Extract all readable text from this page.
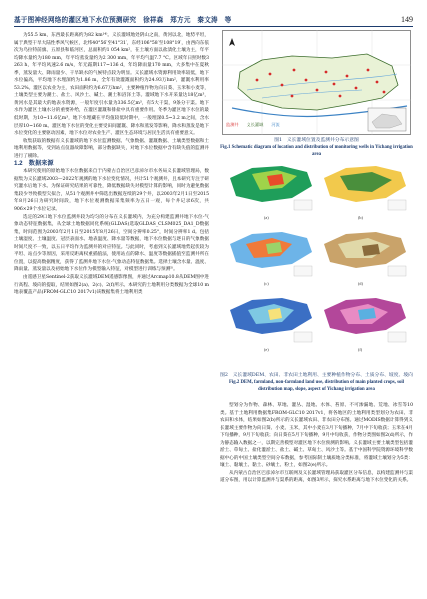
基于图神经网络的灌区地下水位预测研究　徐祥森　郑方元　秦文涛　等	149

为55.5 km，东西最长距离约为82 km¹⁴⁾。义长灌域地处阴山之南，黄河以北，地势平坦，属于典型干旱大陆性季风气候区，北纬40°56′至41°31′，东经106°58′至108°19′，由西向东依次为乌拉特前旗、五原县和临河区，总面积约1 054 km²，在土壤方面以盐渍化土壤为主，年平均降水量约为180 mm，年平均蒸发量约为2 300 mm，年平均气温7.7 °C。区域年日照时数3 263 h，年平均风速2.6 m/s，年无霜期117~136 d，年均降雨量170 mm，大多集中在夏秋季，蒸发量大、降雨量少、干旱缺水的气候特点较为明显。义长灌域水资源利用效率较低，地下水位偏高，平均地下水埋深约为1.86 m，全年有效灌溉面积约为24.93万hm²，灌溉水利用率53.2%。灌区以农业为主，农田面积约为6.67万hm²，主要种植作物为向日葵、玉米和小麦等，土壤类型主要为潮土、盐土、风沙土、碱土、潮土和沼泽土等。灌域地下水开采量达18亿m³，黄河水是其最大的地表水资源，一般年度引水量为336.5亿m³，有5大干渠，9条分干渠。地下水作为灌区土壤水分的重要补给，在灌区灌溉和排盐中具有重要作用。冬季为灌区地下水位的最低时期，为10~11.6亿m³，地下水埋藏在平均值较低时期中，一般埋深0.5~3.2 m之间，含水层厚10~160 m。灌区地下水位的变化主要受田间灌溉、降水和蒸发等影响，降水和蒸发是地下水位变化的主要驱动因素，地下水位对农业生产、灌区生态环境与居民生活具有重要意义。

收集获取的数据有义长灌域的地下水位监测数据、气象数据、灌溉数据、土壤类型数据和土地利用数据等，受到站点仪器故障影响，部分数据缺失，对地下水位数据中含有缺失值的监测井进行了剔除。

1.2　数据来源

本研究使用的原始地下水位数据来自于内蒙古自治区巴彦淖尔市水务局义长灌域管理局，数据集为义长灌域2003—2022年观测的地下水位变化情况，共计51个观测井，且本研究专注于研究灌水后地下水。为保证研究结果的可靠性，降低数据缺失对模型计算的影响，同时为避免数据集较少导致模型欠拟合，从51个观测井中筛选出数据连续的29个井，以2003年2月1日至2015年8月26日为研究时间段，地下水位观测数据采集频率为五日一观，每个井记录6次，共906×29个水位记录。

选定的29口地下水位监测井较为均匀的分布在义长灌域内，为充分构建监测井地下水位-气象动态特征数据集，从全球土地数据同化系统(GLDAS)选取GLDAS_CLSM025_DA1_D数据集，时间范围为2003年2月1日至2015年8月26日，空间分辨率0.25°，时间分辨率1 d。包括土壤湿度、土壤温度、冠层表面水、地表温度、降水量等数据，地下水位数据与逐日的气象数据时间尺度不一致，以五日平均作为监测井的对应特征。与此同时，考虑到义长灌域地势起伏较为平坦、站点少等原因，采用反距离权重插值法，使用站点的降水、温度等数据插值至监测井所在位置，以提高数据精度，获得了监测井地下水位-气象动态特征数据集。选择土壤含水量、温度、降雨量、蒸发量以及初始地下水位作为模型输入特征，对模型进行训练与预测⁵⁾。

由遥感卫星Sentinel-2获取义长灌域DEM遥感影像图，并通过Arcmap10.8从DEM图中进行高程、坡向的提取，结果如图2(a)、2(c)、2(f)所示。本研究的土地利用分类数据为全球10 m地表覆盖产品(FROM-GLC10 2017v1)该数据集将土地利用类

监测井 义长灌域 河流
图1　义长灌域位置及监测井分布示意图
Fig.1 Schematic diagram of location and distribution of monitoring wells in Yichang irrigation area
(a)	(b)
(c)	(d)
(e)	(f)
图2　义长灌域DEM、农田、非农田土地利用、主要种植作物分布、土质分布、坡度、坡向
Fig.2 DEM, farmland, non-farmland land use, distribution of main planted crops, soil distribution map, slope, aspect of Yichang irrigation area

型划分为作物、森林、草地、灌丛、湿地、水体、苔原、不可渗漏地、荒地、冰雪等10类。基于土地利用数据集FROM-GLC10 2017v1，将各地区的土地利用类型划分为农田、非农田和水体，结果如图2(b)所示的义长灌域农田、非农田分布图。通过MODIS数据计算得到义长灌域主要作物为向日葵、小麦、玉米，其中小麦在3月下旬播种，7月中下旬收获；玉米在4月下旬播种，9月下旬收获；向日葵在5月下旬播种，9月中旬收获，作物分类图如图2(d)所示，作为静态输入数据之一，以期完善模型对灌区地下水位预测的影响。义长灌域主要土壤类型包括灌淤土、草甸土、盐化灌淤土、盐土、碱土、草甸土、风沙土等。基于中国科学院资源环境科学数据中心的中国土壤类型空间分布数据，参考国际制土壤质地分类标准，将灌域土壤划分为5类：壤土、黏壤土、黏土、砂壤土、粉土，如图2(e)所示。

从内蒙古自治区巴彦淖尔市互联网及义长灌域管理局获取灌区分布信息，以构建监测井与渠道分布图，用以计算监测井与渠系的距离，如图3所示，探究水系距离与地下水位变化的关系。
